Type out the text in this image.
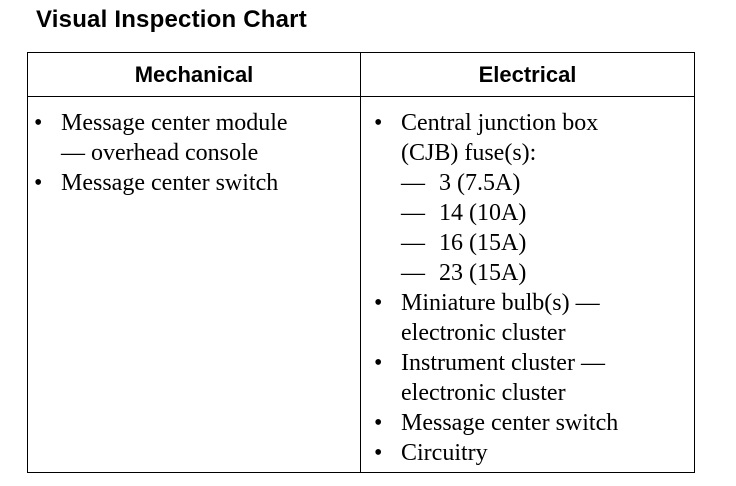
Visual Inspection Chart
Mechanical	Electrical
• Message center module
— overhead console
• Message center switch
• Central junction box
(CJB) fuse(s):
— 3 (7.5A)
— 14 (10A)
— 16 (15A)
— 23 (15A)
• Miniature bulb(s) —
electronic cluster
• Instrument cluster —
electronic cluster
• Message center switch
• Circuitry
